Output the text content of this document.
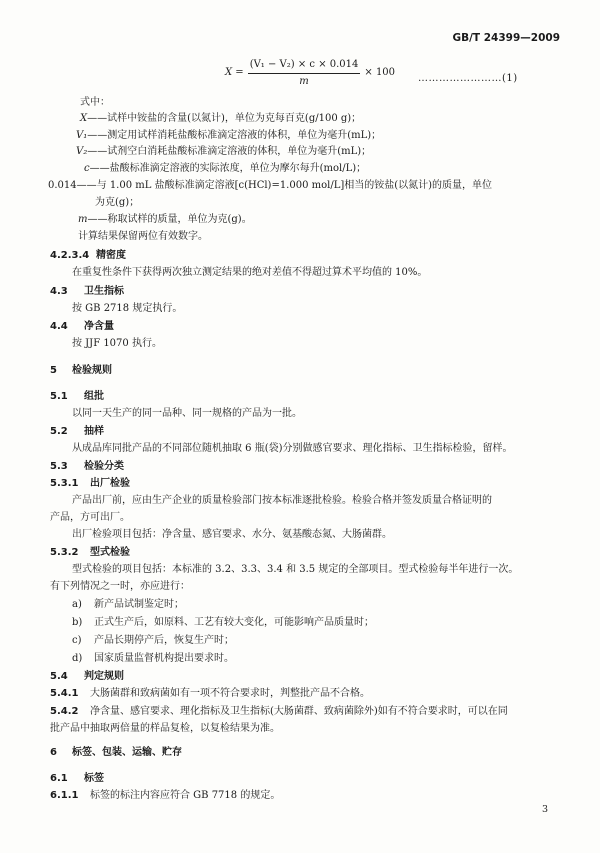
GB/T 24399—2009
$X = \frac{\text{(V₁ − V₂) × c × 0.014}}{m} \times 100$
……………………(1)
式中：
X——试样中铵盐的含量(以氮计)，单位为克每百克(g/100 g)；
V₁——测定用试样消耗盐酸标准滴定溶液的体积，单位为毫升(mL)；
V₂——试剂空白消耗盐酸标准滴定溶液的体积，单位为毫升(mL)；
c——盐酸标准滴定溶液的实际浓度，单位为摩尔每升(mol/L)；
0.014——与 1.00 mL 盐酸标准滴定溶液[c(HCl)=1.000 mol/L]相当的铵盐(以氮计)的质量，单位
为克(g)；
m——称取试样的质量，单位为克(g)。
计算结果保留两位有效数字。
4.2.3.4 精密度
在重复性条件下获得两次独立测定结果的绝对差值不得超过算术平均值的 10%。
4.3 卫生指标
按 GB 2718 规定执行。
4.4 净含量
按 JJF 1070 执行。
5 检验规则
5.1 组批
以同一天生产的同一品种、同一规格的产品为一批。
5.2 抽样
从成品库同批产品的不同部位随机抽取 6 瓶(袋)分别做感官要求、理化指标、卫生指标检验，留样。
5.3 检验分类
5.3.1 出厂检验
产品出厂前，应由生产企业的质量检验部门按本标准逐批检验。检验合格并签发质量合格证明的
产品，方可出厂。
出厂检验项目包括：净含量、感官要求、水分、氨基酸态氮、大肠菌群。
5.3.2 型式检验
型式检验的项目包括：本标准的 3.2、3.3、3.4 和 3.5 规定的全部项目。型式检验每半年进行一次。
有下列情况之一时，亦应进行：
a) 新产品试制鉴定时；
b) 正式生产后，如原料、工艺有较大变化，可能影响产品质量时；
c) 产品长期停产后，恢复生产时；
d) 国家质量监督机构提出要求时。
5.4 判定规则
5.4.1 大肠菌群和致病菌如有一项不符合要求时，判整批产品不合格。
5.4.2 净含量、感官要求、理化指标及卫生指标(大肠菌群、致病菌除外)如有不符合要求时，可以在同
批产品中抽取两倍量的样品复检，以复检结果为准。
6 标签、包装、运输、贮存
6.1 标签
6.1.1 标签的标注内容应符合 GB 7718 的规定。
3
